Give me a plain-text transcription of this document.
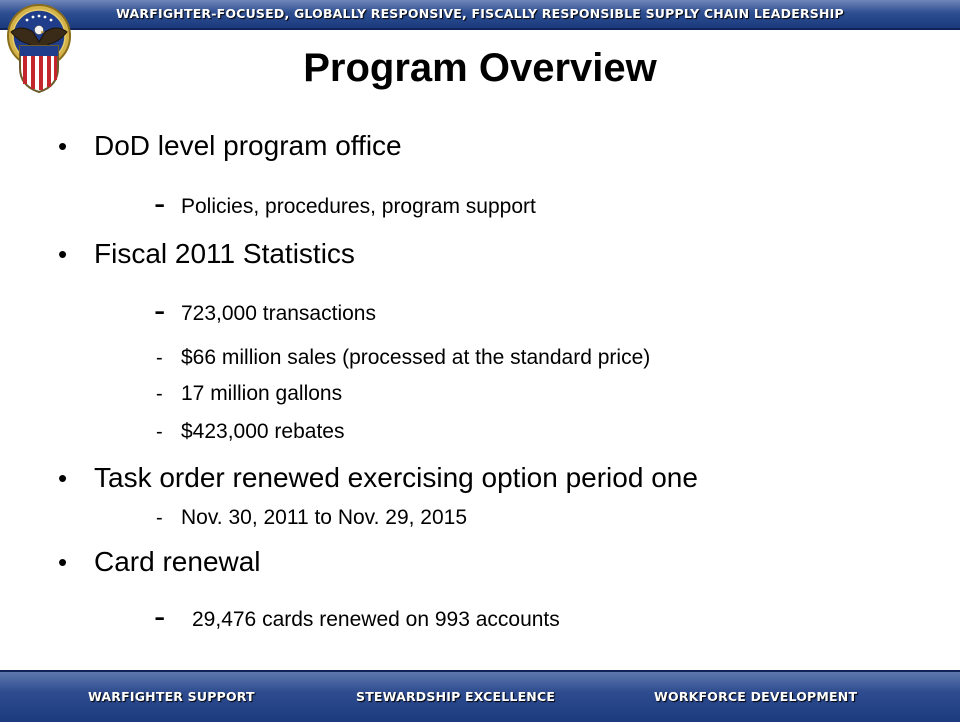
WARFIGHTER-FOCUSED, GLOBALLY RESPONSIVE, FISCALLY RESPONSIBLE SUPPLY CHAIN LEADERSHIP
Program Overview
• DoD level program office
- Policies, procedures, program support
• Fiscal 2011 Statistics
- 723,000 transactions
- $66 million sales (processed at the standard price)
- 17 million gallons
- $423,000 rebates
• Task order renewed exercising option period one
- Nov. 30, 2011 to Nov. 29, 2015
• Card renewal
- 29,476 cards renewed on 993 accounts
WARFIGHTER SUPPORT	STEWARDSHIP EXCELLENCE	WORKFORCE DEVELOPMENT
